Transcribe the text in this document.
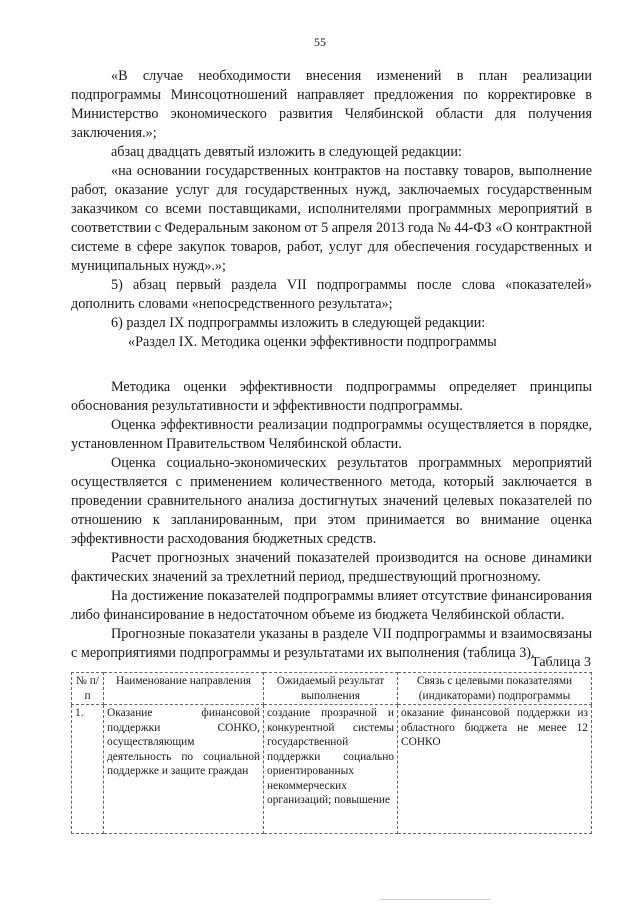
55

«В случае необходимости внесения изменений в план реализации подпрограммы Минсоцотношений направляет предложения по корректировке в Министерство экономического развития Челябинской области для получения заключения.»;

абзац двадцать девятый изложить в следующей редакции:

«на основании государственных контрактов на поставку товаров, выполнение работ, оказание услуг для государственных нужд, заключаемых государственным заказчиком со всеми поставщиками, исполнителями программных мероприятий в соответствии с Федеральным законом от 5 апреля 2013 года № 44-ФЗ «О контрактной системе в сфере закупок товаров, работ, услуг для обеспечения государственных и муниципальных нужд».»;

5) абзац первый раздела VII подпрограммы после слова «показателей» дополнить словами «непосредственного результата»;

6) раздел IX подпрограммы изложить в следующей редакции:

«Раздел IX. Методика оценки эффективности подпрограммы

Методика оценки эффективности подпрограммы определяет принципы обоснования результативности и эффективности подпрограммы.

Оценка эффективности реализации подпрограммы осуществляется в порядке, установленном Правительством Челябинской области.

Оценка социально-экономических результатов программных мероприятий осуществляется с применением количественного метода, который заключается в проведении сравнительного анализа достигнутых значений целевых показателей по отношению к запланированным, при этом принимается во внимание оценка эффективности расходования бюджетных средств.

Расчет прогнозных значений показателей производится на основе динамики фактических значений за трехлетний период, предшествующий прогнозному.

На достижение показателей подпрограммы влияет отсутствие финансирования либо финансирование в недостаточном объеме из бюджета Челябинской области.

Прогнозные показатели указаны в разделе VII подпрограммы и взаимосвязаны с мероприятиями подпрограммы и результатами их выполнения (таблица 3).

Таблица 3
№ п/п	Наименование направления	Ожидаемый результат выполнения	Связь с целевыми показателями (индикаторами) подпрограммы
1.	Оказание финансовой поддержки СОНКО, осуществляющим деятельность по социальной поддержке и защите граждан	создание прозрачной и конкурентной системы государственной поддержки социально ориентированных некоммерческих организаций; повышение	оказание финансовой поддержки из областного бюджета не менее 12 СОНКО
